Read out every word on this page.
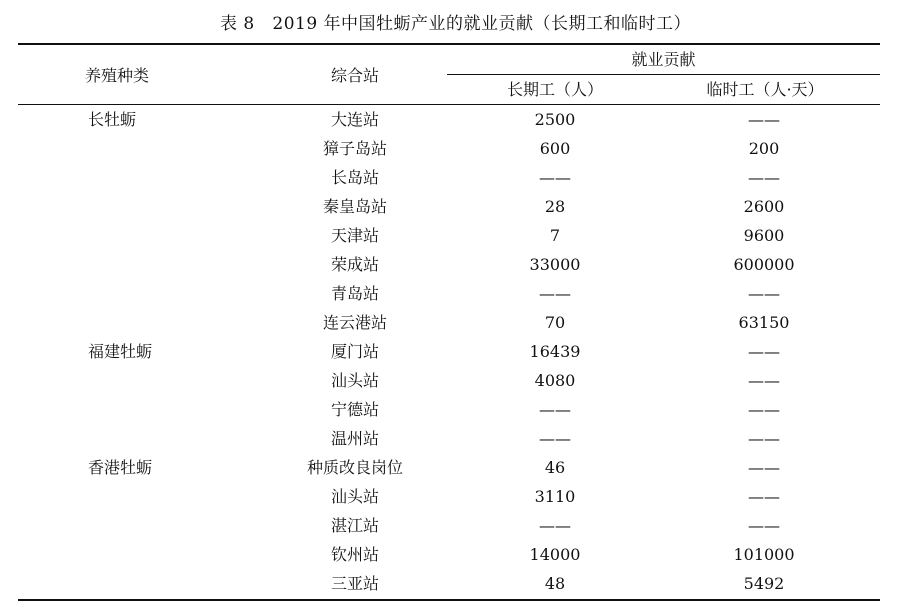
表 8 2019 年中国牡蛎产业的就业贡献（长期工和临时工）
养殖种类	综合站
就业贡献
长期工（人）	临时工（人·天）
长牡蛎	大连站	2500	——
獐子岛站	600	200
长岛站	——	——
秦皇岛站	28	2600
天津站	7	9600
荣成站	33000	600000
青岛站	——	——
连云港站	70	63150
福建牡蛎	厦门站	16439	——
汕头站	4080	——
宁德站	——	——
温州站	——	——
香港牡蛎	种质改良岗位	46	——
汕头站	3110	——
湛江站	——	——
钦州站	14000	101000
三亚站	48	5492
